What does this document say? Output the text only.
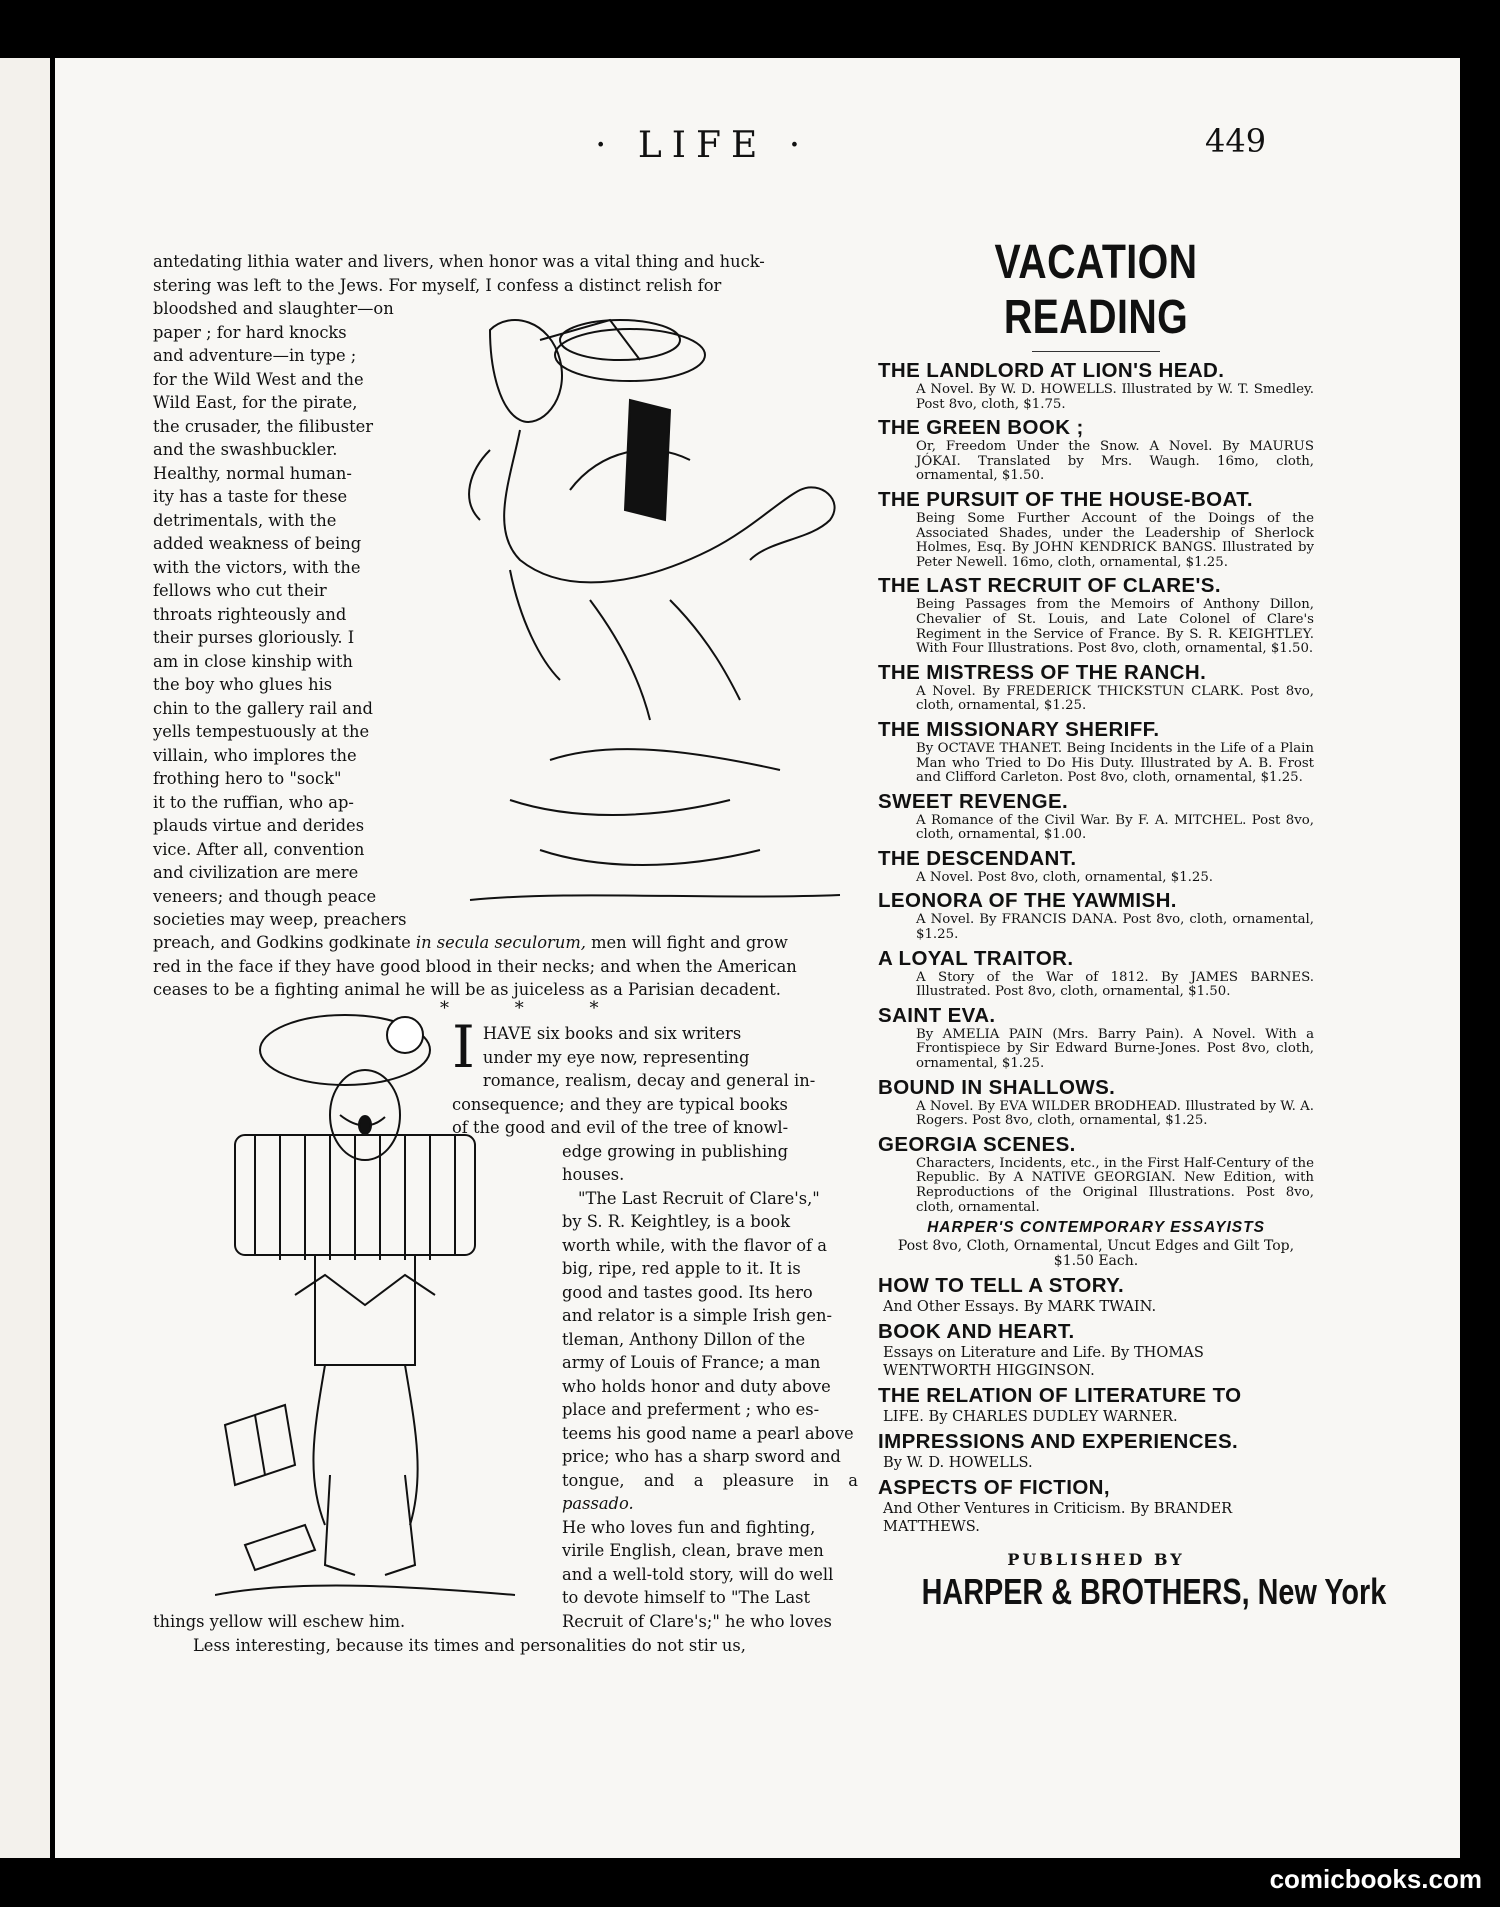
· LIFE ·	449
antedating lithia water and livers, when honor was a vital thing and huck-
stering was left to the Jews. For myself, I confess a distinct relish for
bloodshed and slaughter—on
paper ; for hard knocks
and adventure—in type ;
for the Wild West and the
Wild East, for the pirate,
the crusader, the filibuster
and the swashbuckler.
Healthy, normal human-
ity has a taste for these
detrimentals, with the
added weakness of being
with the victors, with the
fellows who cut their
throats righteously and
their purses gloriously. I
am in close kinship with
the boy who glues his
chin to the gallery rail and
yells tempestuously at the
villain, who implores the
frothing hero to "sock"
it to the ruffian, who ap-
plauds virtue and derides
vice. After all, convention
and civilization are mere
veneers; and though peace
societies may weep, preachers
preach, and Godkins godkinate in secula seculorum, men will fight and grow
red in the face if they have good blood in their necks; and when the American
ceases to be a fighting animal he will be as juiceless as a Parisian decadent.
* * *
I HAVE six books and six writers
under my eye now, representing
romance, realism, decay and general in-
consequence; and they are typical books
of the good and evil of the tree of knowl-
edge growing in publishing
houses.
"The Last Recruit of Clare's,"
by S. R. Keightley, is a book
worth while, with the flavor of a
big, ripe, red apple to it. It is
good and tastes good. Its hero
and relator is a simple Irish gen-
tleman, Anthony Dillon of the
army of Louis of France; a man
who holds honor and duty above
place and preferment ; who es-
teems his good name a pearl above
price; who has a sharp sword and
tongue, and a pleasure in a passado.
He who loves fun and fighting,
virile English, clean, brave men
and a well-told story, will do well
to devote himself to "The Last
Recruit of Clare's;" he who loves
things yellow will eschew him.
Less interesting, because its times and personalities do not stir us,
VACATION READING
THE LANDLORD AT LION'S HEAD.
A Novel. By W. D. HOWELLS. Illustrated by W. T. Smedley. Post 8vo, cloth, $1.75.
THE GREEN BOOK ;
Or, Freedom Under the Snow. A Novel. By MAURUS JÓKAI. Translated by Mrs. Waugh. 16mo, cloth, ornamental, $1.50.
THE PURSUIT OF THE HOUSE-BOAT.
Being Some Further Account of the Doings of the Associated Shades, under the Leadership of Sherlock Holmes, Esq. By JOHN KENDRICK BANGS. Illustrated by Peter Newell. 16mo, cloth, ornamental, $1.25.
THE LAST RECRUIT OF CLARE'S.
Being Passages from the Memoirs of Anthony Dillon, Chevalier of St. Louis, and Late Colonel of Clare's Regiment in the Service of France. By S. R. KEIGHTLEY. With Four Illustrations. Post 8vo, cloth, ornamental, $1.50.
THE MISTRESS OF THE RANCH.
A Novel. By FREDERICK THICKSTUN CLARK. Post 8vo, cloth, ornamental, $1.25.
THE MISSIONARY SHERIFF.
By OCTAVE THANET. Being Incidents in the Life of a Plain Man who Tried to Do His Duty. Illustrated by A. B. Frost and Clifford Carleton. Post 8vo, cloth, ornamental, $1.25.
SWEET REVENGE.
A Romance of the Civil War. By F. A. MITCHEL. Post 8vo, cloth, ornamental, $1.00.
THE DESCENDANT.
A Novel. Post 8vo, cloth, ornamental, $1.25.
LEONORA OF THE YAWMISH.
A Novel. By FRANCIS DANA. Post 8vo, cloth, ornamental, $1.25.
A LOYAL TRAITOR.
A Story of the War of 1812. By JAMES BARNES. Illustrated. Post 8vo, cloth, ornamental, $1.50.
SAINT EVA.
By AMELIA PAIN (Mrs. Barry Pain). A Novel. With a Frontispiece by Sir Edward Burne-Jones. Post 8vo, cloth, ornamental, $1.25.
BOUND IN SHALLOWS.
A Novel. By EVA WILDER BRODHEAD. Illustrated by W. A. Rogers. Post 8vo, cloth, ornamental, $1.25.
GEORGIA SCENES.
Characters, Incidents, etc., in the First Half-Century of the Republic. By A NATIVE GEORGIAN. New Edition, with Reproductions of the Original Illustrations. Post 8vo, cloth, ornamental.
HARPER'S CONTEMPORARY ESSAYISTS
Post 8vo, Cloth, Ornamental, Uncut Edges and Gilt Top, $1.50 Each.
HOW TO TELL A STORY.
And Other Essays. By MARK TWAIN.
BOOK AND HEART.
Essays on Literature and Life. By THOMAS WENTWORTH HIGGINSON.
THE RELATION OF LITERATURE TO
LIFE. By CHARLES DUDLEY WARNER.
IMPRESSIONS AND EXPERIENCES.
By W. D. HOWELLS.
ASPECTS OF FICTION,
And Other Ventures in Criticism. By BRANDER MATTHEWS.
PUBLISHED BY
HARPER & BROTHERS, New York
comicbooks.com
